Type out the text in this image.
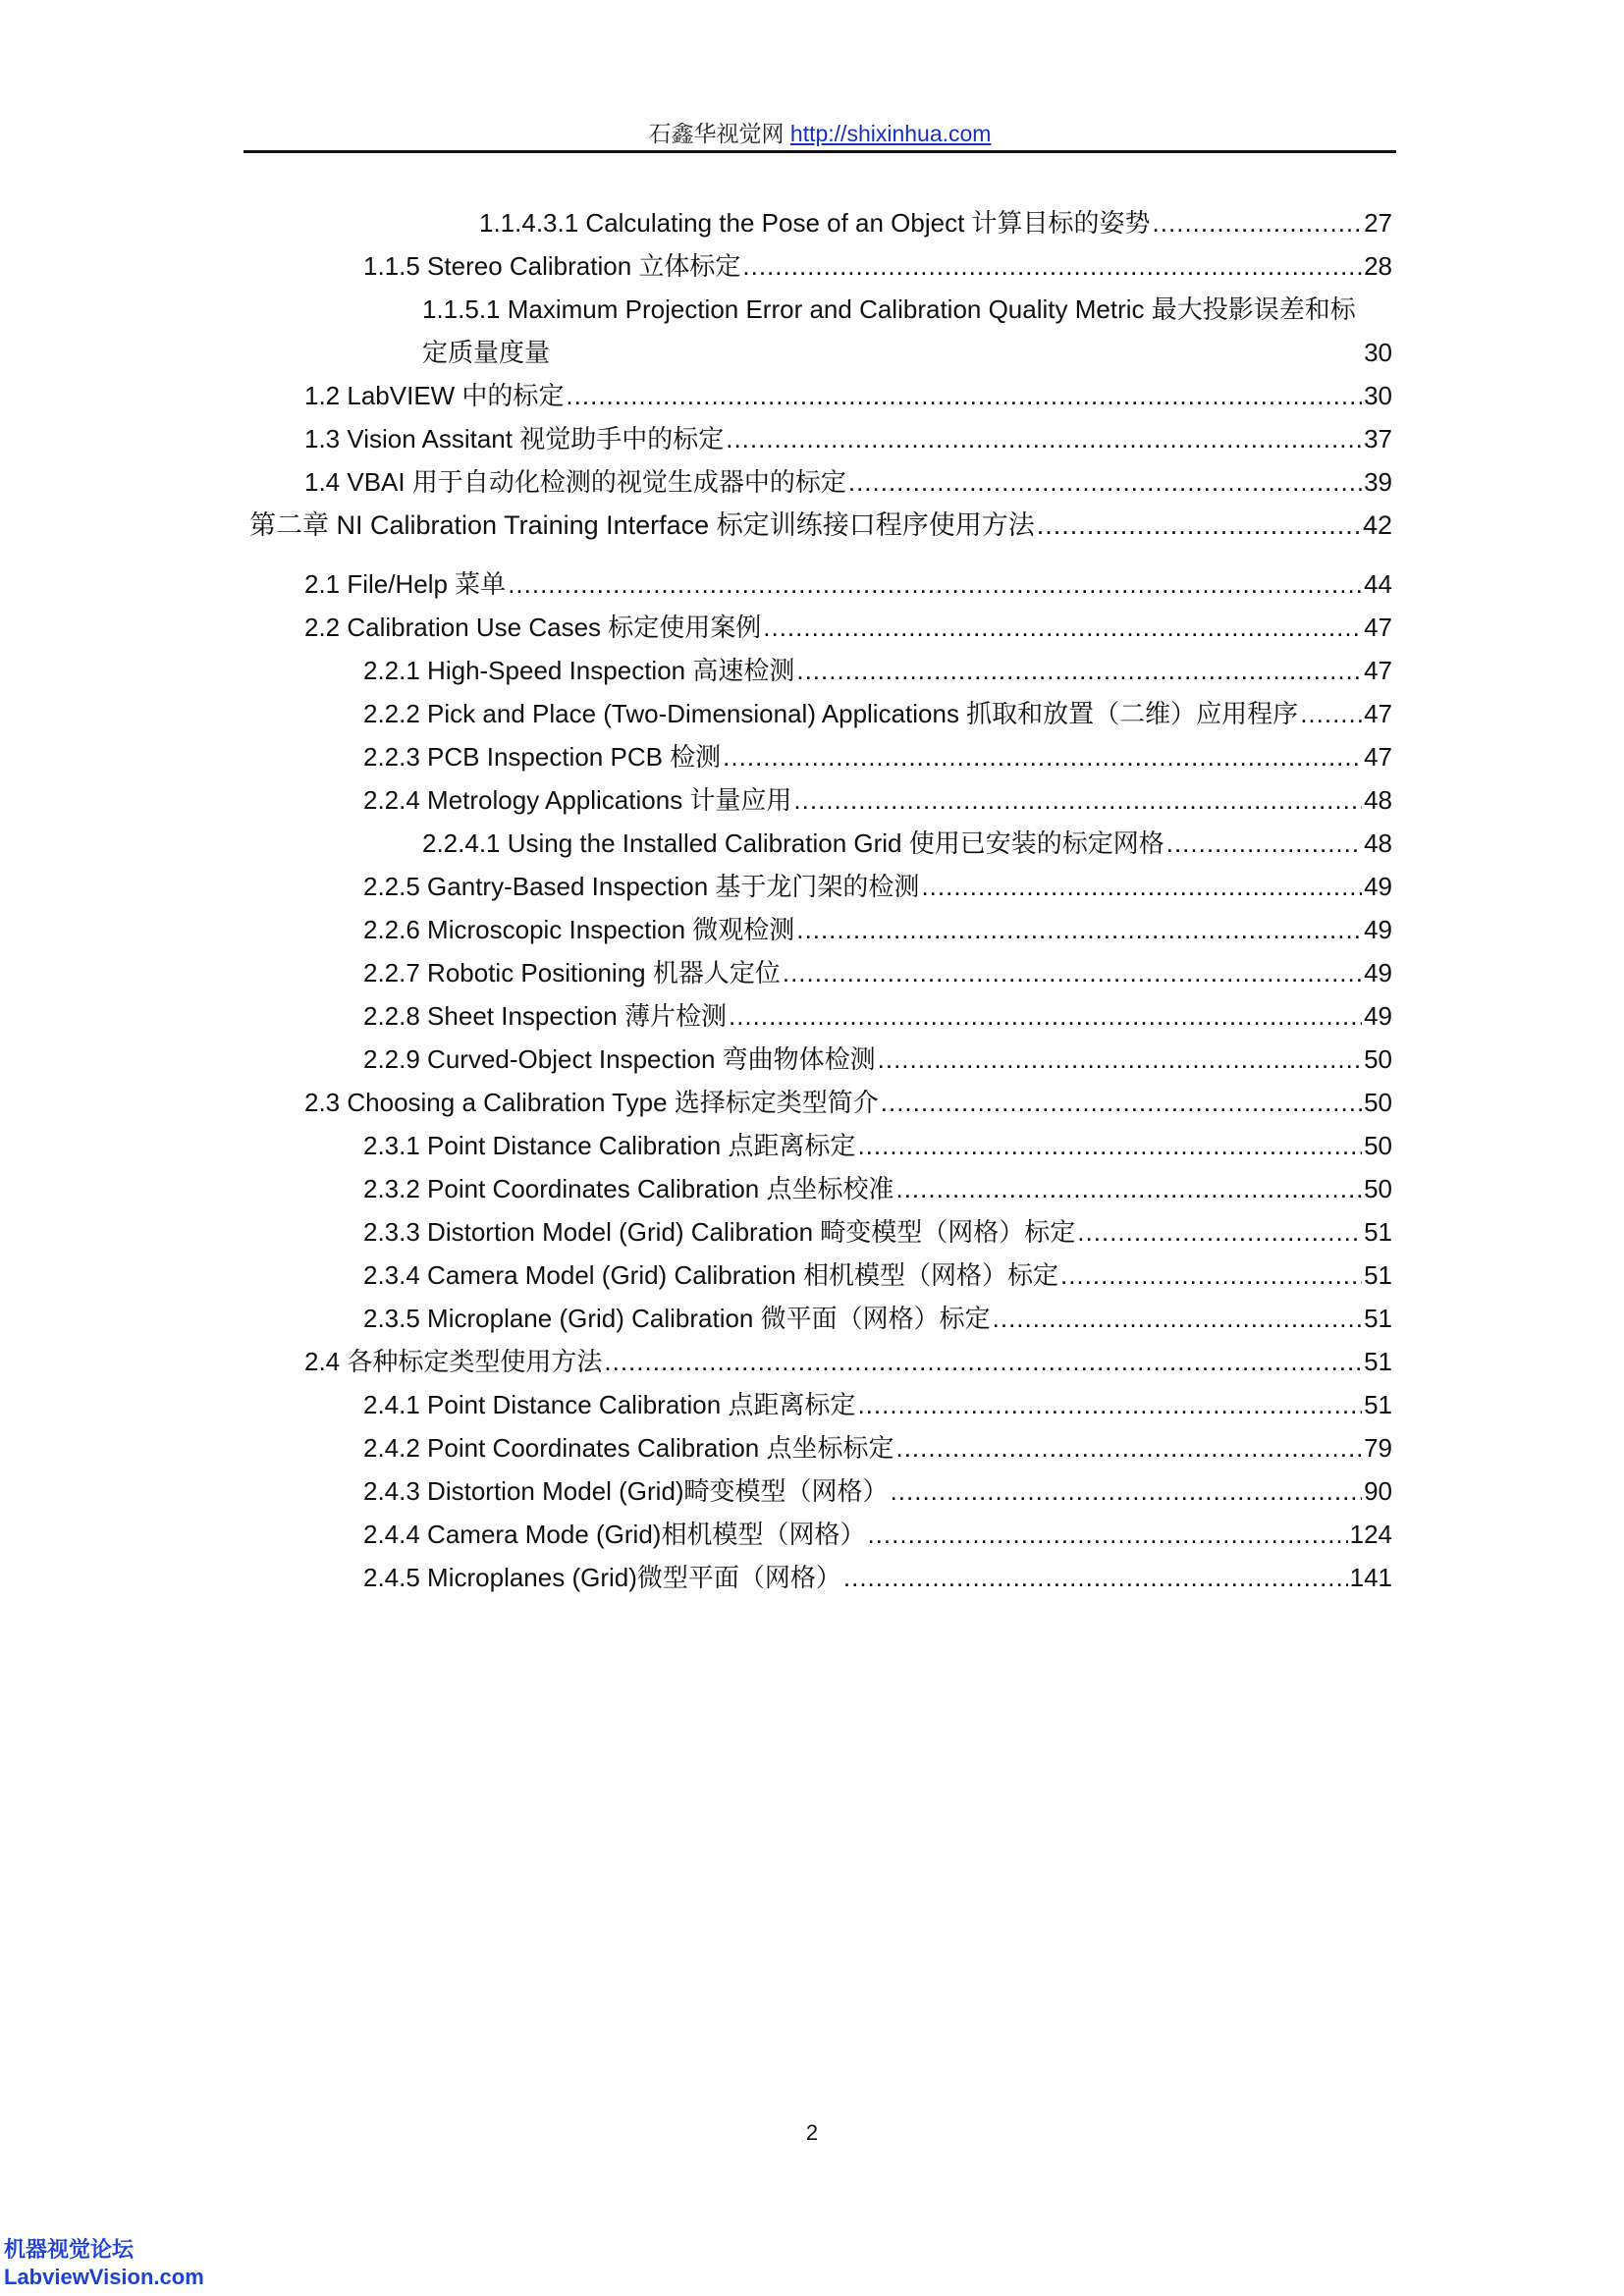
石鑫华视觉网 http://shixinhua.com
1.1.4.3.1 Calculating the Pose of an Object 计算目标的姿势 .....	27
1.1.5 Stereo Calibration 立体标定 .....	28
1.1.5.1 Maximum Projection Error and Calibration Quality Metric 最大投影误差和标定质量度量	30
1.2 LabVIEW 中的标定 .....	30
1.3 Vision Assitant 视觉助手中的标定 .....	37
1.4 VBAI 用于自动化检测的视觉生成器中的标定 .....	39
第二章 NI Calibration Training Interface 标定训练接口程序使用方法 .....	42
2.1 File/Help 菜单 .....	44
2.2 Calibration Use Cases 标定使用案例 .....	47
2.2.1 High-Speed Inspection 高速检测 .....	47
2.2.2 Pick and Place (Two-Dimensional) Applications 抓取和放置（二维）应用程序 .....	47
2.2.3 PCB Inspection PCB 检测 .....	47
2.2.4 Metrology Applications 计量应用 .....	48
2.2.4.1 Using the Installed Calibration Grid 使用已安装的标定网格 .....	48
2.2.5 Gantry-Based Inspection 基于龙门架的检测 .....	49
2.2.6 Microscopic Inspection 微观检测 .....	49
2.2.7 Robotic Positioning 机器人定位 .....	49
2.2.8 Sheet Inspection 薄片检测 .....	49
2.2.9 Curved-Object Inspection 弯曲物体检测 .....	50
2.3 Choosing a Calibration Type 选择标定类型简介 .....	50
2.3.1 Point Distance Calibration 点距离标定 .....	50
2.3.2 Point Coordinates Calibration 点坐标校准 .....	50
2.3.3 Distortion Model (Grid) Calibration 畸变模型（网格）标定 .....	51
2.3.4 Camera Model (Grid) Calibration 相机模型（网格）标定 .....	51
2.3.5 Microplane (Grid) Calibration 微平面（网格）标定 .....	51
2.4 各种标定类型使用方法 .....	51
2.4.1 Point Distance Calibration 点距离标定 .....	51
2.4.2 Point Coordinates Calibration 点坐标标定 .....	79
2.4.3 Distortion Model (Grid)畸变模型（网格） .....	90
2.4.4 Camera Mode (Grid)相机模型（网格） .....	124
2.4.5 Microplanes (Grid)微型平面（网格） .....	141
2
机器视觉论坛
LabviewVision.com
